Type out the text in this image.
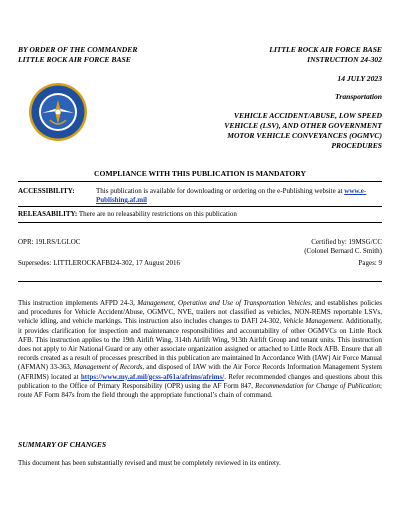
BY ORDER OF THE COMMANDER
LITTLE ROCK AIR FORCE BASE
LITTLE ROCK AIR FORCE BASE
INSTRUCTION 24-302
14 JULY 2023
Transportation
VEHICLE ACCIDENT/ABUSE, LOW SPEED VEHICLE (LSV), AND OTHER GOVERNMENT MOTOR VEHICLE CONVEYANCES (OGMVC) PROCEDURES
COMPLIANCE WITH THIS PUBLICATION IS MANDATORY
ACCESSIBILITY:	This publication is available for downloading or ordering on the e-Publishing website at www.e-Publishing.af.mil
RELEASABILITY: There are no releasability restrictions on this publication
OPR: 19LRS/LGLOC	Certified by: 19MSG/CC
(Colonel Bernard C. Smith)
Supersedes: LITTLEROCKAFBI24-302, 17 August 2016	Pages: 9
This instruction implements AFPD 24-3, Management, Operation and Use of Transportation Vehicles, and establishes policies and procedures for Vehicle Accident/Abuse, OGMVC, NVE, trailers not classified as vehicles, NON-REMS reportable LSVs, vehicle idling, and vehicle markings. This instruction also includes changes to DAFI 24-302, Vehicle Management. Additionally, it provides clarification for inspection and maintenance responsibilities and accountability of other OGMVCs on Little Rock AFB. This instruction applies to the 19th Airlift Wing, 314th Airlift Wing, 913th Airlift Group and tenant units. This instruction does not apply to Air National Guard or any other associate organization assigned or attached to Little Rock AFB. Ensure that all records created as a result of processes prescribed in this publication are maintained In Accordance With (IAW) Air Force Manual (AFMAN) 33-363, Management of Records, and disposed of IAW with the Air Force Records Information Management System (AFRIMS) located at https://www.my.af.mil/gcss-af61a/afrims/afrims/. Refer recommended changes and questions about this publication to the Office of Primary Responsibility (OPR) using the AF Form 847, Recommendation for Change of Publication; route AF Form 847s from the field through the appropriate functional’s chain of command.
SUMMARY OF CHANGES
This document has been substantially revised and must be completely reviewed in its entirety.
